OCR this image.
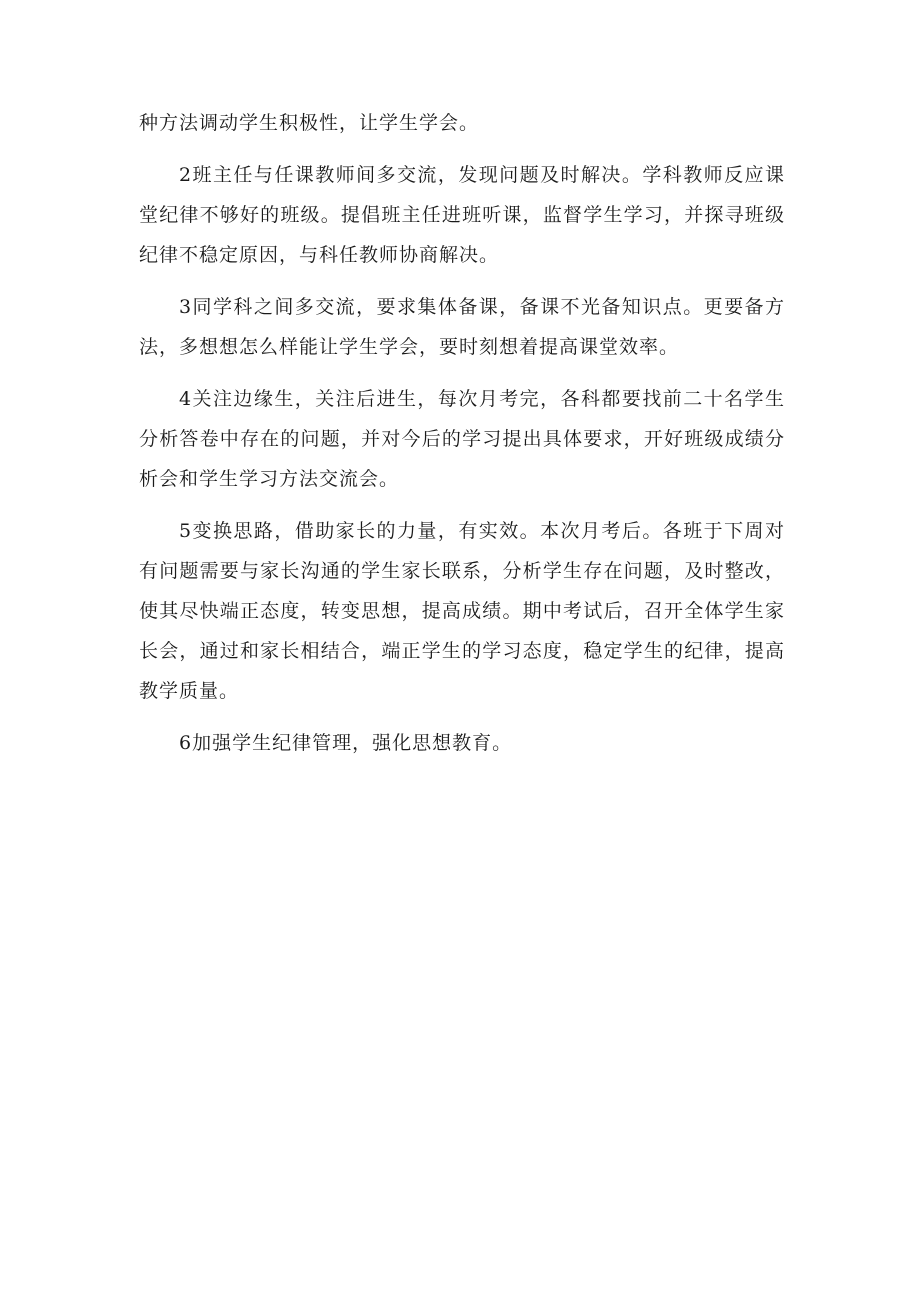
种方法调动学生积极性，让学生学会。

2班主任与任课教师间多交流，发现问题及时解决。学科教师反应课堂纪律不够好的班级。提倡班主任进班听课，监督学生学习，并探寻班级纪律不稳定原因，与科任教师协商解决。

3同学科之间多交流，要求集体备课，备课不光备知识点。更要备方法，多想想怎么样能让学生学会，要时刻想着提高课堂效率。

4关注边缘生，关注后进生，每次月考完，各科都要找前二十名学生分析答卷中存在的问题，并对今后的学习提出具体要求，开好班级成绩分析会和学生学习方法交流会。

5变换思路，借助家长的力量，有实效。本次月考后。各班于下周对有问题需要与家长沟通的学生家长联系，分析学生存在问题，及时整改，使其尽快端正态度，转变思想，提高成绩。期中考试后，召开全体学生家长会，通过和家长相结合，端正学生的学习态度，稳定学生的纪律，提高教学质量。

6加强学生纪律管理，强化思想教育。
